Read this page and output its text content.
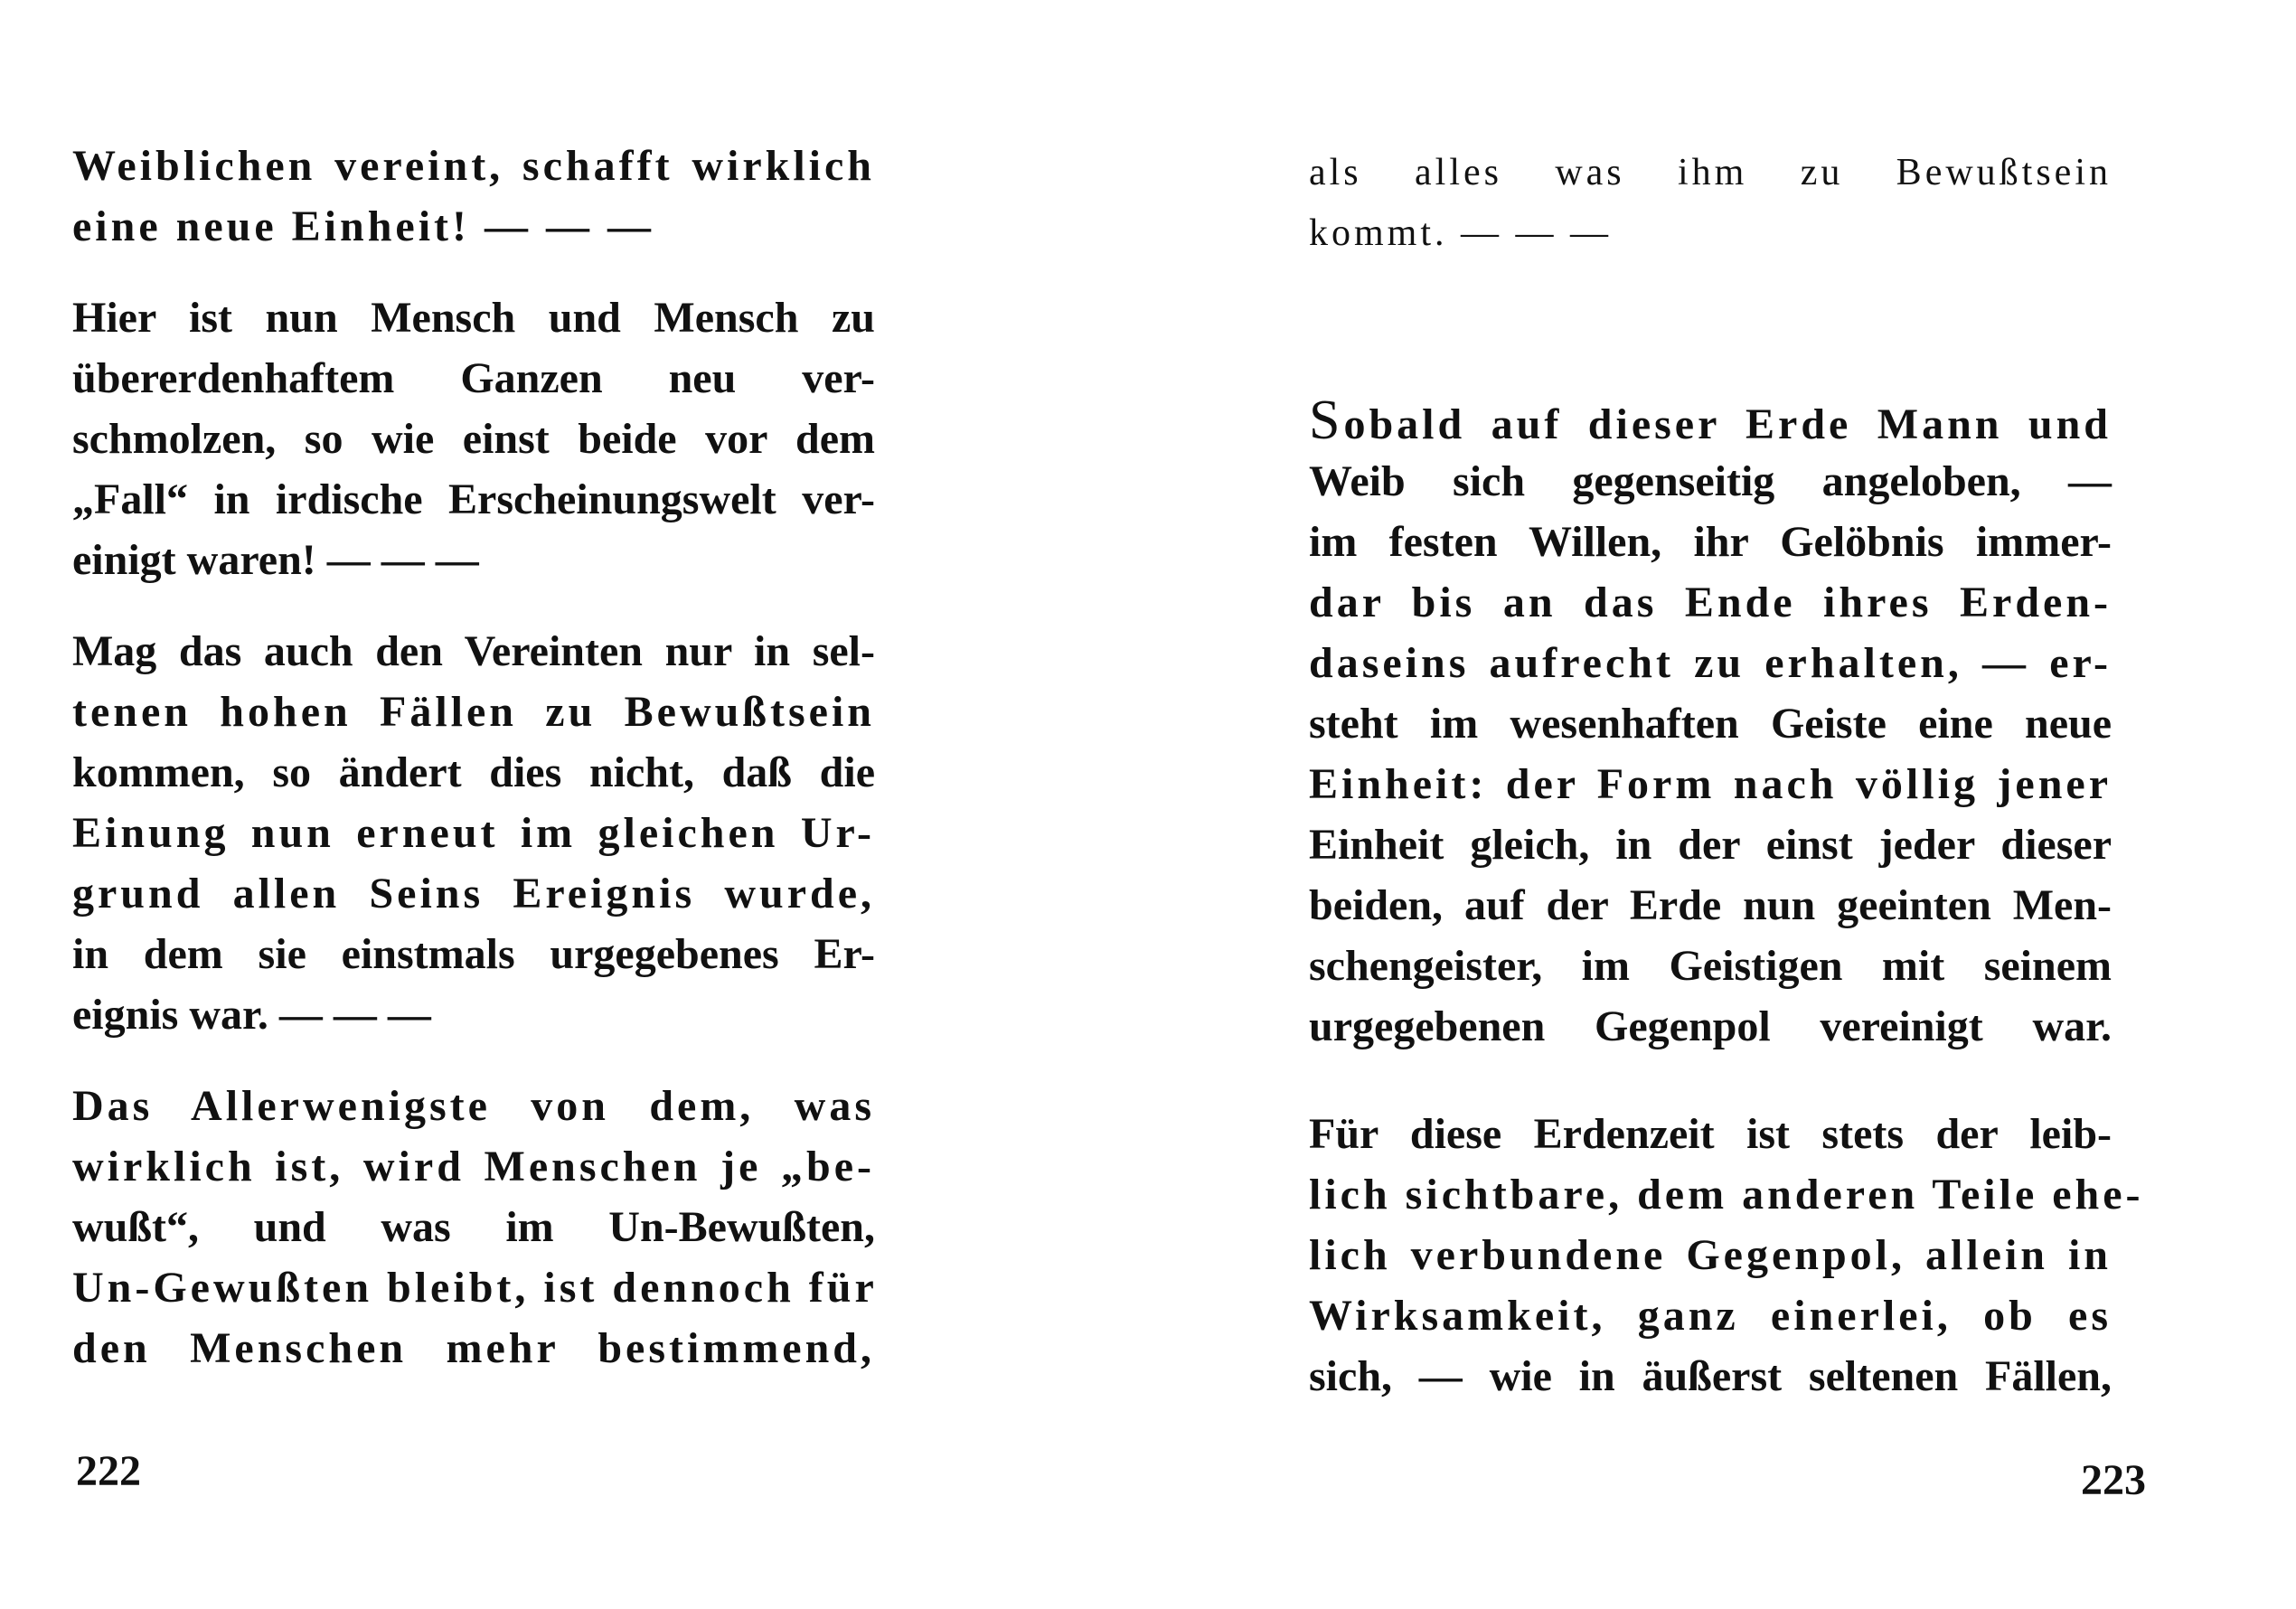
Weiblichen vereint, schafft wirklich
eine neue Einheit! — — —
Hier ist nun Mensch und Mensch zu
übererdenhaftem Ganzen neu ver-
schmolzen, so wie einst beide vor dem
„Fall“ in irdische Erscheinungswelt ver-
einigt waren! — — —
Mag das auch den Vereinten nur in sel-
tenen hohen Fällen zu Bewußtsein
kommen, so ändert dies nicht, daß die
Einung nun erneut im gleichen Ur-
grund allen Seins Ereignis wurde,
in dem sie einstmals urgegebenes Er-
eignis war. — — —
Das Allerwenigste von dem, was
wirklich ist, wird Menschen je „be-
wußt“, und was im Un-Bewußten,
Un-Gewußten bleibt, ist dennoch für
den Menschen mehr bestimmend,
222
als alles was ihm zu Bewußtsein
kommt. — — —
Sobald auf dieser Erde Mann und
Weib sich gegenseitig angeloben, —
im festen Willen, ihr Gelöbnis immer-
dar bis an das Ende ihres Erden-
daseins aufrecht zu erhalten, — er-
steht im wesenhaften Geiste eine neue
Einheit: der Form nach völlig jener
Einheit gleich, in der einst jeder dieser
beiden, auf der Erde nun geeinten Men-
schengeister, im Geistigen mit seinem
urgegebenen Gegenpol vereinigt war.
Für diese Erdenzeit ist stets der leib-
lich sichtbare, dem anderen Teile ehe-
lich verbundene Gegenpol, allein in
Wirksamkeit, ganz einerlei, ob es
sich, — wie in äußerst seltenen Fällen,
223
